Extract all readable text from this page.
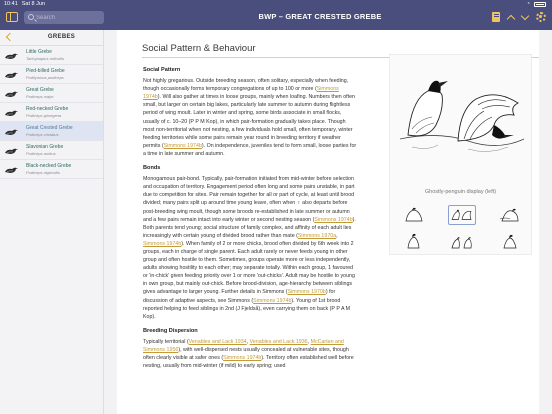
10:41 Sat 8 Jun	◔
Search
BWP – GREAT CRESTED GREBE
GREBES
Little Grebe
Tachybaptus ruficollis
Pied-billed Grebe
Podilymbus podiceps
Great Grebe
Podiceps major
Red-necked Grebe
Podiceps grisegena
Great Crested Grebe
Podiceps cristatus
Slavonian Grebe
Podiceps auritus
Black-necked Grebe
Podiceps nigricollis
Social Pattern & Behaviour
Social Pattern

Not highly gregarious. Outside breeding season, often solitary, especially when feeding, though occasionally forms temporary congregations of up to 100 or more (Simmons 1974b). Will also gather at times in loose groups, mainly when loafing. Numbers then often small, but larger on certain big lakes, particularly late summer to autumn during flightless period of wing moult. Later in winter and spring, some birds associate in small flocks, usually of c. 10–20 (P P M Kop), in which pair-formation gradually takes place. Though most non-territorial when not nesting, a few individuals hold small, often temporary, winter feeding territories while some pairs remain year round in breeding territory if weather permits (Simmons 1974b). On independence, juveniles tend to form small, loose parties for a time in late summer and autumn.

Bonds

Monogamous pair-bond. Typically, pair-formation initiated from mid-winter before selection and occupation of territory. Engagement period often long and some pairs unstable, in part due to competition for sites. Pair remain together for all or part of cycle, at least until brood divided; many pairs split up around time young leave, often when ♀ also departs before post-breeding wing moult, though some broods re-established in late summer or autumn and a few pairs remain intact into early winter or second nesting season (Simmons 1974b). Both parents tend young; social structure of family complex, and affinity of each adult lies increasingly with certain young of divided brood rather than mate (Simmons 1970a, Simmons 1974b). When family of 2 or more chicks, brood often divided by 6th week into 2 groups, each in charge of single parent. Each adult rarely or never feeds young in other group and often hostile to them. Sometimes, groups operate more or less independently, adults showing hostility to each other; may separate totally. Within each group, 1 favoured or 'in-chick' given feeding priority over 1 or more 'out-chicks'. Adult may be hostile to young in own group, but mainly out-chick. Before brood-division, age-hierarchy between siblings gives advantage to larger young. Further details in Simmons (Simmons 1970b) for discussion of adaptive aspects, see Simmons (Simmons 1974b). Young of 1st brood reported helping to feed siblings in 2nd (J Fjeldså), even carrying them on back (P P A M Kop).

Breeding Dispersion

Typically territorial (Venables and Lack 1934, Venables and Lack 1936, McCartan and Simmons 1956), with well-dispersed nests usually concealed at vulnerable sites, though often clearly visible at safer ones (Simmons 1974b). Territory often established well before nesting, usually from mid-winter (if mild) to early spring; used

Ghostly-penguin display (left)
